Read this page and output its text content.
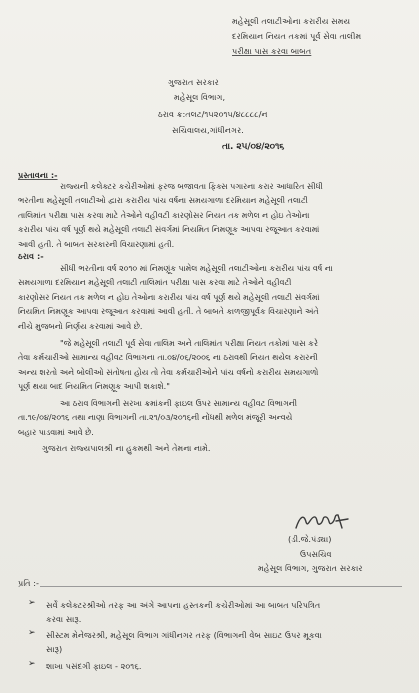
મહેસૂલી તલાટીઓના કરારીય સમય
દરમિયાન નિયત તકમાં પૂર્વ સેવા તાલીમ
પરીક્ષા પાસ કરવા બાબત
ગુજરાત સરકાર
મહેસૂલ વિભાગ,
ઠરાવ ક્ર:તલટ/૧૫૨૦૧૫/૪૮૮૮૮/ન
સચિવાલય,ગાંધીનગર.
તા. ૨૫/૦૪/૨૦૧૬
પ્રસ્તાવના :-
રાજ્યની કલેક્ટર કચેરીઓમાં ફરજ બજાવતા ફિક્સ પગારના કરાર આધારિત સીધી
ભરતીના મહેસૂલી તલાટીઓ દ્વારા કરારીય પાંચ વર્ષના સમયગાળા દરમિયાન મહેસૂલી તલાટી
તાલિમાંત પરીક્ષા પાસ કરવા માટે તેઓને વહીવટી કારણોસર નિયત તક મળેલ ન હોઇ તેઓના
કરારીય પાંચ વર્ષ પૂર્ણ થયે મહેસૂલી તલાટી સંવર્ગમાં નિયમિત નિમણૂક આપવા રજૂઆત કરવામાં
આવી હતી. તે બાબત સરકારની વિચારણામાં હતી.
ઠરાવ :-
સીધી ભરતીના વર્ષ ૨૦૧૦ માં નિમણૂંક પામેલ મહેસૂલી તલાટીઓના કરારીય પાંચ વર્ષ ના
સમયગાળા દરમિયાન મહેસૂલી તલાટી તાલિમાંત પરીક્ષા પાસ કરવા માટે તેઓને વહીવટી
કારણોસર નિયત તક મળેલ ન હોઇ તેઓના કરારીય પાંચ વર્ષ પૂર્ણ થયે મહેસૂલી તલાટી સંવર્ગમાં
નિયમિત નિમણૂક આપવા રજૂઆત કરવામાં આવી હતી. તે બાબતે કાળજીપૂર્વક વિચારણાને અંતે
નીચે મુજબનો નિર્ણય કરવામાં આવે છે.
"જે મહેસૂલી તલાટી પૂર્વ સેવા તાલિમ અને તાલિમાંત પરીક્ષા નિયત તકોમાં પાસ કરે
તેવા કર્મચારીઓ સામાન્ય વહીવટ વિભાગના તા.૦૪/૦૬/૨૦૦૬ ના ઠરાવથી નિયત થયેલ કરારની
અન્ય શરતો અને બોલીઓ સંતોષતા હોય તો તેવા કર્મચારીઓને પાંચ વર્ષનો કરારીય સમયગાળો
પૂર્ણ થયા બાદ નિયમિત નિમણૂક આપી શકાશે."
આ ઠરાવ વિભાગની સરખા ક્રમાંકની ફાઇલ ઉપર સામાન્ય વહીવટ વિભાગની
તા.૧૯/૦૪/૨૦૧૬ તથા નાણા વિભાગની તા.૨૧/૦૩/૨૦૧૬ની નોંધથી મળેલ મંજૂરી અન્વયે
બહાર પાડવામાં આવે છે.
ગુજરાત રાજ્યપાલશ્રી ના હુકમથી અને તેમના નામે.
(ડી.જે.પંડ્યા)
ઉપસચિવ
મહેસૂલ વિભાગ, ગુજરાત સરકાર
પ્રતિ :-
➢ સર્વે કલેક્ટરશ્રીઓ તરફ આ અંગે આપના હસ્તકની કચેરીઓમાં આ બાબત પરિપત્રિત
કરવા સારૂ.
➢ સીસ્ટમ મેનેજરશ્રી, મહેસૂલ વિભાગ ગાંધીનગર તરફ (વિભાગની વેબ સાઇટ ઉપર મૂકવા
સારૂ)
➢ શાખા પસંદગી ફાઇલ - ૨૦૧૬.
